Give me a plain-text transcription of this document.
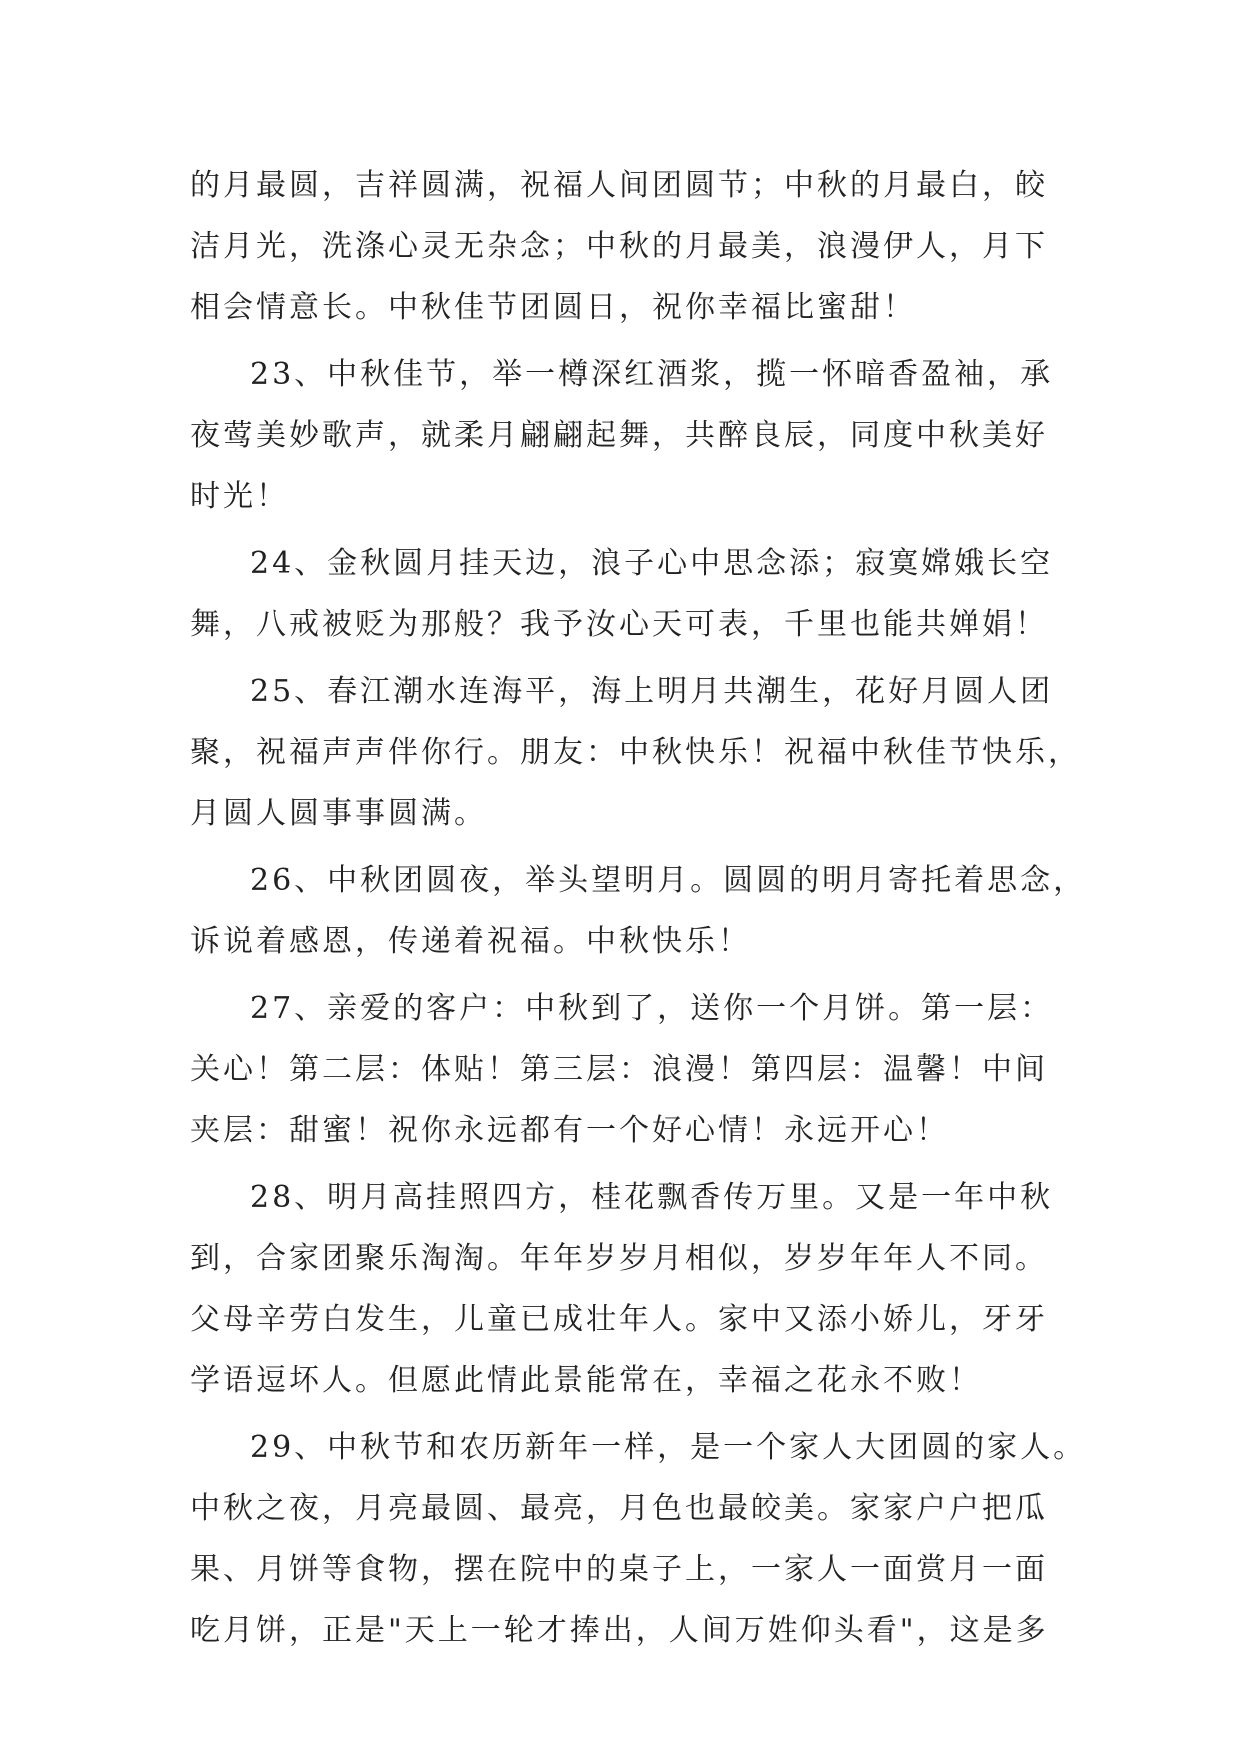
的月最圆，吉祥圆满，祝福人间团圆节；中秋的月最白，皎
洁月光，洗涤心灵无杂念；中秋的月最美，浪漫伊人，月下
相会情意长。中秋佳节团圆日，祝你幸福比蜜甜！
23、中秋佳节，举一樽深红酒浆，揽一怀暗香盈袖，承
夜莺美妙歌声，就柔月翩翩起舞，共醉良辰，同度中秋美好
时光！
24、金秋圆月挂天边，浪子心中思念添；寂寞嫦娥长空
舞，八戒被贬为那般？我予汝心天可表，千里也能共婵娟！
25、春江潮水连海平，海上明月共潮生，花好月圆人团
聚，祝福声声伴你行。朋友：中秋快乐！祝福中秋佳节快乐，
月圆人圆事事圆满。
26、中秋团圆夜，举头望明月。圆圆的明月寄托着思念，
诉说着感恩，传递着祝福。中秋快乐！
27、亲爱的客户：中秋到了，送你一个月饼。第一层：
关心！第二层：体贴！第三层：浪漫！第四层：温馨！中间
夹层：甜蜜！祝你永远都有一个好心情！永远开心！
28、明月高挂照四方，桂花飘香传万里。又是一年中秋
到，合家团聚乐淘淘。年年岁岁月相似，岁岁年年人不同。
父母辛劳白发生，儿童已成壮年人。家中又添小娇儿，牙牙
学语逗坏人。但愿此情此景能常在，幸福之花永不败！
29、中秋节和农历新年一样，是一个家人大团圆的家人。
中秋之夜，月亮最圆、最亮，月色也最皎美。家家户户把瓜
果、月饼等食物，摆在院中的桌子上，一家人一面赏月一面
吃月饼，正是"天上一轮才捧出，人间万姓仰头看"，这是多
